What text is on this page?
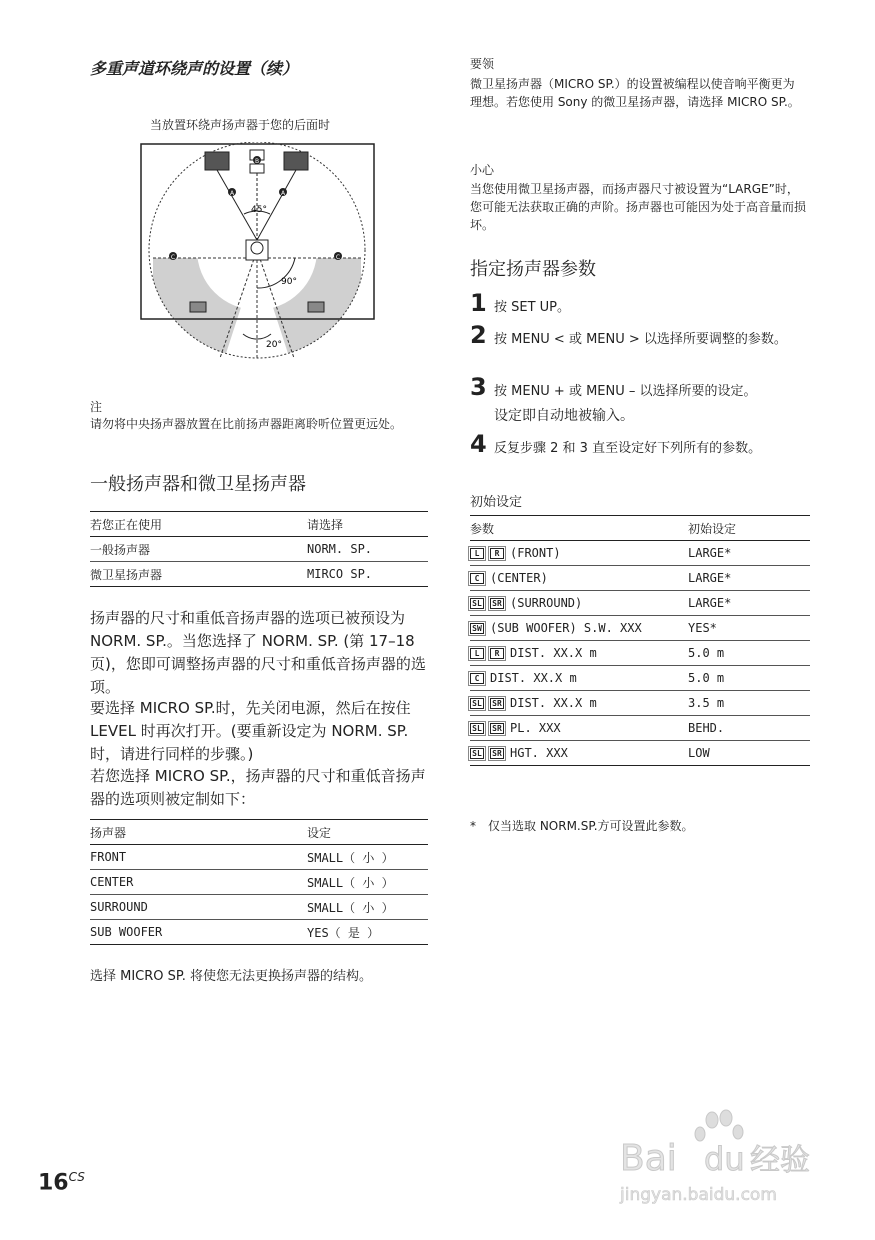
多重声道环绕声的设置（续）
当放置环绕声扬声器于您的后面时
A	A
B
C	C
45°
90°
20°
注
请勿将中央扬声器放置在比前扬声器距离聆听位置更远处。
一般扬声器和微卫星扬声器
若您正在使用	请选择
一般扬声器	NORM. SP.
微卫星扬声器	MIRCO SP.
扬声器的尺寸和重低音扬声器的选项已被预设为 NORM. SP.。当您选择了 NORM. SP. (第 17–18 页)，您即可调整扬声器的尺寸和重低音扬声器的选项。
要选择 MICRO SP.时，先关闭电源，然后在按住 LEVEL 时再次打开。(要重新设定为 NORM. SP.时，请进行同样的步骤。)
若您选择 MICRO SP.，扬声器的尺寸和重低音扬声器的选项则被定制如下：
扬声器	设定
FRONT	SMALL（ 小 ）
CENTER	SMALL（ 小 ）
SURROUND	SMALL（ 小 ）
SUB WOOFER	YES（ 是 ）
选择 MICRO SP. 将使您无法更换扬声器的结构。
要领
微卫星扬声器（MICRO SP.）的设置被编程以使音响平衡更为理想。若您使用 Sony 的微卫星扬声器，请选择 MICRO SP.。
小心
当您使用微卫星扬声器，而扬声器尺寸被设置为“LARGE”时，您可能无法获取正确的声阶。扬声器也可能因为处于高音量而损坏。
指定扬声器参数
1 按 SET UP。
2 按 MENU < 或 MENU > 以选择所要调整的参数。
3 按 MENU + 或 MENU – 以选择所要的设定。
设定即自动地被输入。
4 反复步骤 2 和 3 直至设定好下列所有的参数。
初始设定
参数	初始设定
L R (FRONT)	LARGE*
C (CENTER)	LARGE*
SL SR (SURROUND)	LARGE*
SW (SUB WOOFER) S.W. XXX	YES*
L R DIST. XX.X m	5.0 m
C DIST. XX.X m	5.0 m
SL SR DIST. XX.X m	3.5 m
SL SR PL. XXX	BEHD.
SL SR HGT. XXX	LOW
*　仅当选取 NORM.SP.方可设置此参数。
$16^{CS}$	Bai du 经验
jingyan.baidu.com
